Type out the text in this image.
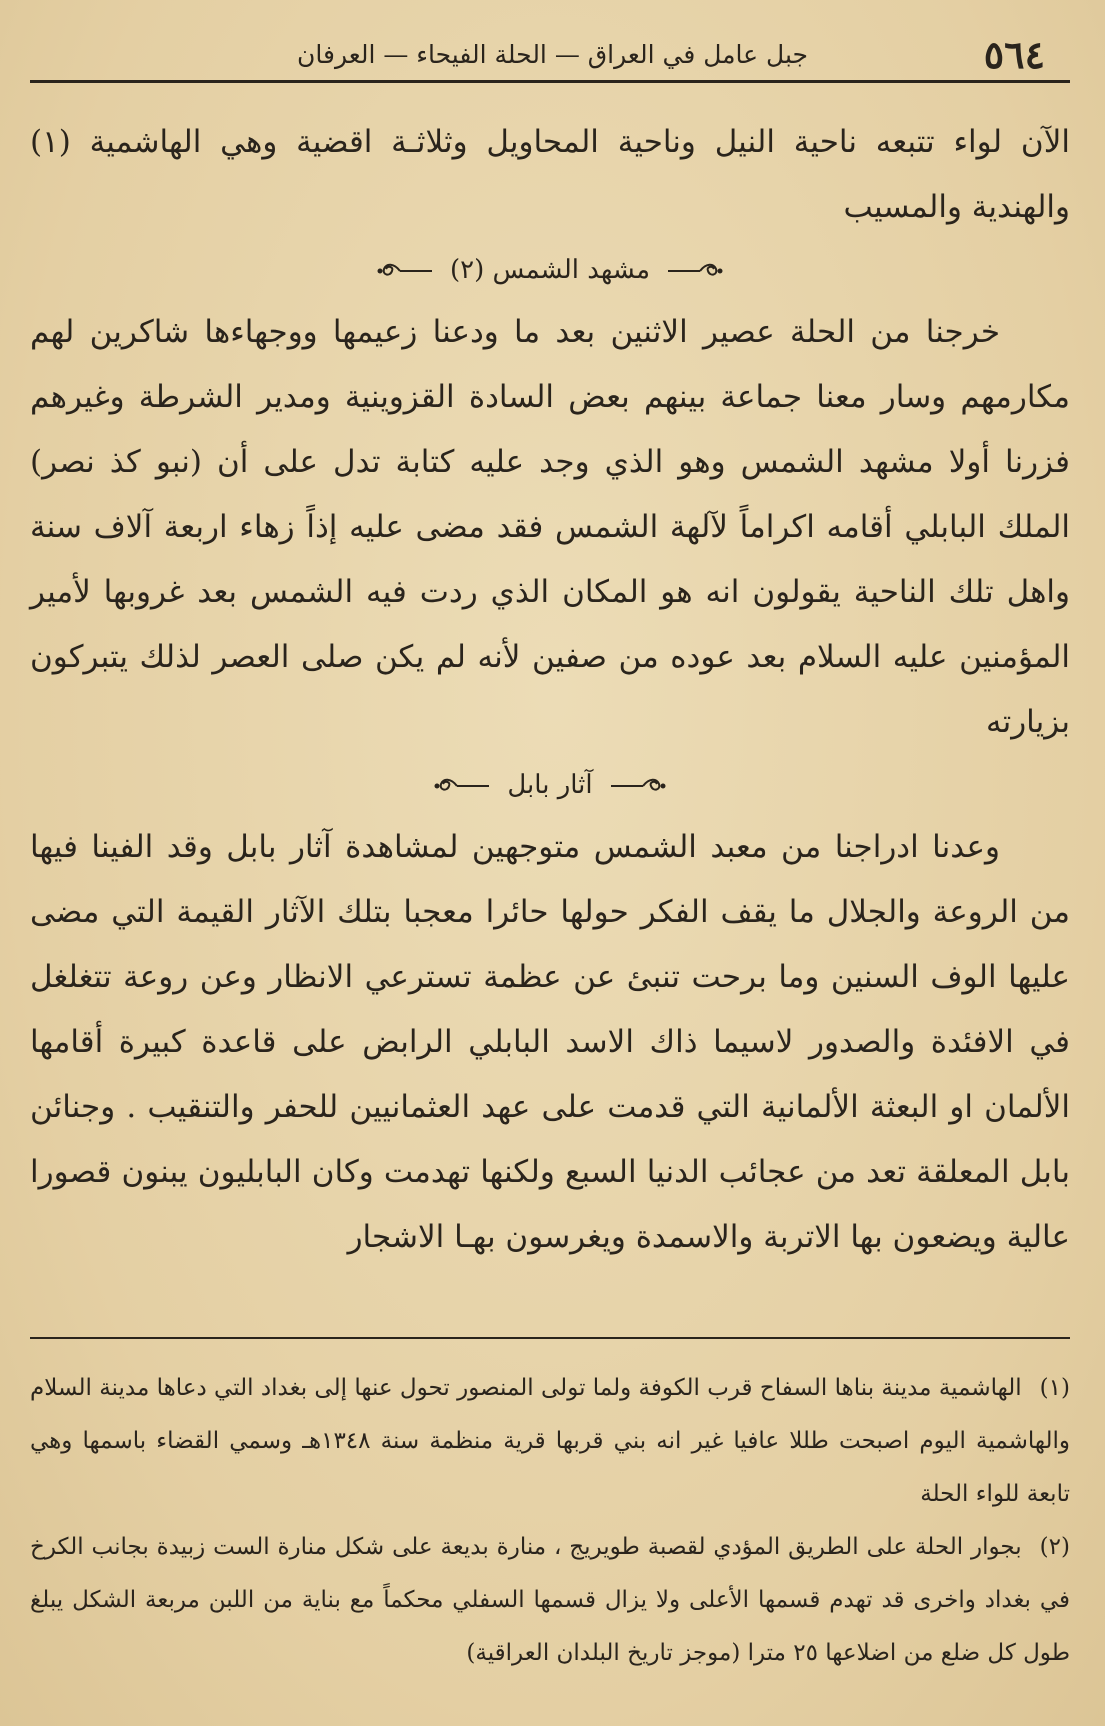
٥٦٤
جبل عامل في العراق — الحلة الفيحاء — العرفان

الآن لواء تتبعه ناحية النيل وناحية المحاويل وثلاثـة اقضية وهي الهاشمية (١) والهندية والمسيب

مشهد الشمس (٢)

خرجنا من الحلة عصير الاثنين بعد ما ودعنا زعيمها ووجهاءها شاكرين لهم مكارمهم وسار معنا جماعة بينهم بعض السادة القزوينية ومدير الشرطة وغيرهم فزرنا أولا مشهد الشمس وهو الذي وجد عليه كتابة تدل على أن (نبو كذ نصر) الملك البابلي أقامه اكراماً لآلهة الشمس فقد مضى عليه إذاً زهاء اربعة آلاف سنة واهل تلك الناحية يقولون انه هو المكان الذي ردت فيه الشمس بعد غروبها لأمير المؤمنين عليه السلام بعد عوده من صفين لأنه لم يكن صلى العصر لذلك يتبركون بزيارته

آثار بابل

وعدنا ادراجنا من معبد الشمس متوجهين لمشاهدة آثار بابل وقد الفينا فيها من الروعة والجلال ما يقف الفكر حولها حائرا معجبا بتلك الآثار القيمة التي مضى عليها الوف السنين وما برحت تنبئ عن عظمة تسترعي الانظار وعن روعة تتغلغل في الافئدة والصدور لاسيما ذاك الاسد البابلي الرابض على قاعدة كبيرة أقامها الألمان او البعثة الألمانية التي قدمت على عهد العثمانيين للحفر والتنقيب . وجنائن بابل المعلقة تعد من عجائب الدنيا السبع ولكنها تهدمت وكان البابليون يبنون قصورا عالية ويضعون بها الاتربة والاسمدة ويغرسون بهـا الاشجار

(١)الهاشمية مدينة بناها السفاح قرب الكوفة ولما تولى المنصور تحول عنها إلى بغداد التي دعاها مدينة السلام والهاشمية اليوم اصبحت طللا عافيا غير انه بني قربها قرية منظمة سنة ١٣٤٨هـ وسمي القضاء باسمها وهي تابعة للواء الحلة

(٢)بجوار الحلة على الطريق المؤدي لقصبة طويريج ، منارة بديعة على شكل منارة الست زبيدة بجانب الكرخ في بغداد واخرى قد تهدم قسمها الأعلى ولا يزال قسمها السفلي محكماً مع بناية من اللبن مربعة الشكل يبلغ طول كل ضلع من اضلاعها ٢٥ مترا (موجز تاريخ البلدان العراقية)
